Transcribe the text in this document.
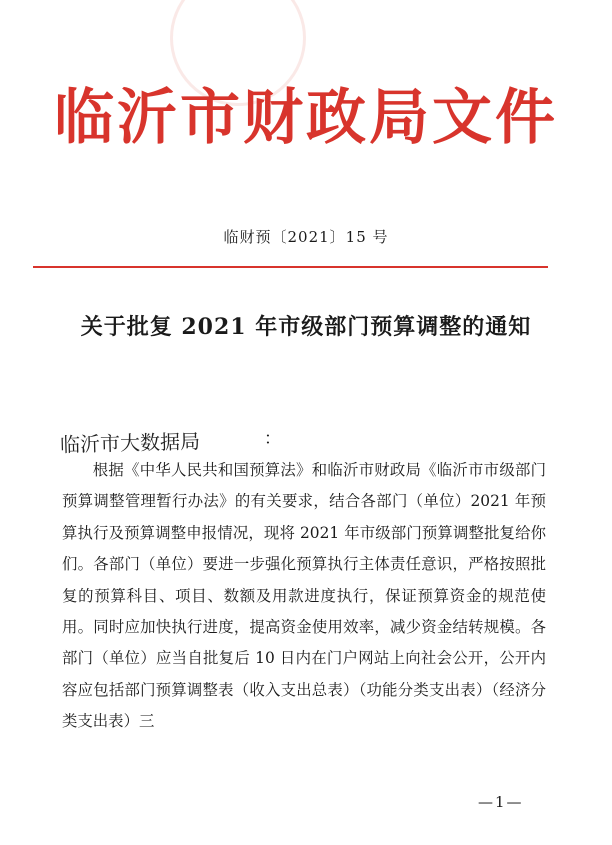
临沂市财政局文件
临财预〔2021〕15 号
关于批复 2021 年市级部门预算调整的通知
临沂市大数据局	：

根据《中华人民共和国预算法》和临沂市财政局《临沂市市级部门预算调整管理暂行办法》的有关要求，结合各部门（单位）2021 年预算执行及预算调整申报情况，现将 2021 年市级部门预算调整批复给你们。各部门（单位）要进一步强化预算执行主体责任意识，严格按照批复的预算科目、项目、数额及用款进度执行，保证预算资金的规范使用。同时应加快执行进度，提高资金使用效率，减少资金结转规模。各部门（单位）应当自批复后 10 日内在门户网站上向社会公开，公开内容应包括部门预算调整表（收入支出总表）（功能分类支出表）（经济分类支出表）三

—1—
